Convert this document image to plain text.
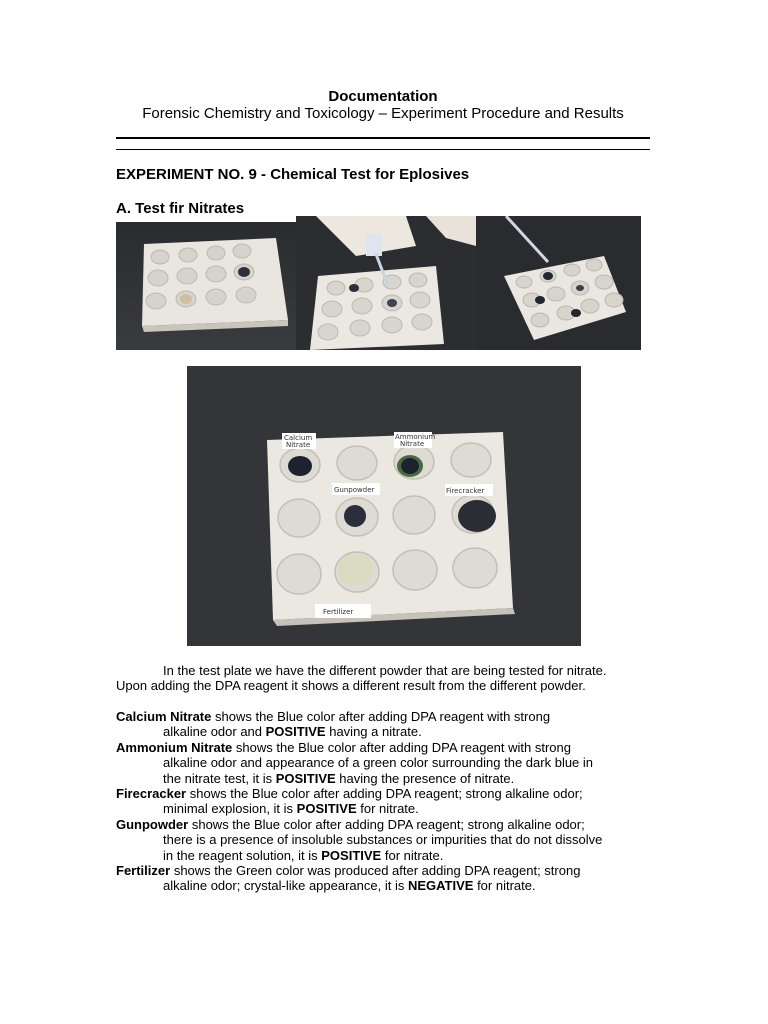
Documentation
Forensic Chemistry and Toxicology – Experiment Procedure and Results
EXPERIMENT NO. 9 - Chemical Test for Eplosives
A. Test fir Nitrates
Calcium
Nitrate
Ammonium
Nitrate
Gunpowder	Firecracker
Fertilizer
In the test plate we have the different powder that are being tested for nitrate.
Upon adding the DPA reagent it shows a different result from the different powder.
Calcium Nitrate shows the Blue color after adding DPA reagent with strong
alkaline odor and POSITIVE having a nitrate.
Ammonium Nitrate shows the Blue color after adding DPA reagent with strong
alkaline odor and appearance of a green color surrounding the dark blue in
the nitrate test, it is POSITIVE having the presence of nitrate.
Firecracker shows the Blue color after adding DPA reagent; strong alkaline odor;
minimal explosion, it is POSITIVE for nitrate.
Gunpowder shows the Blue color after adding DPA reagent; strong alkaline odor;
there is a presence of insoluble substances or impurities that do not dissolve
in the reagent solution, it is POSITIVE for nitrate.
Fertilizer shows the Green color was produced after adding DPA reagent; strong
alkaline odor; crystal-like appearance, it is NEGATIVE for nitrate.
